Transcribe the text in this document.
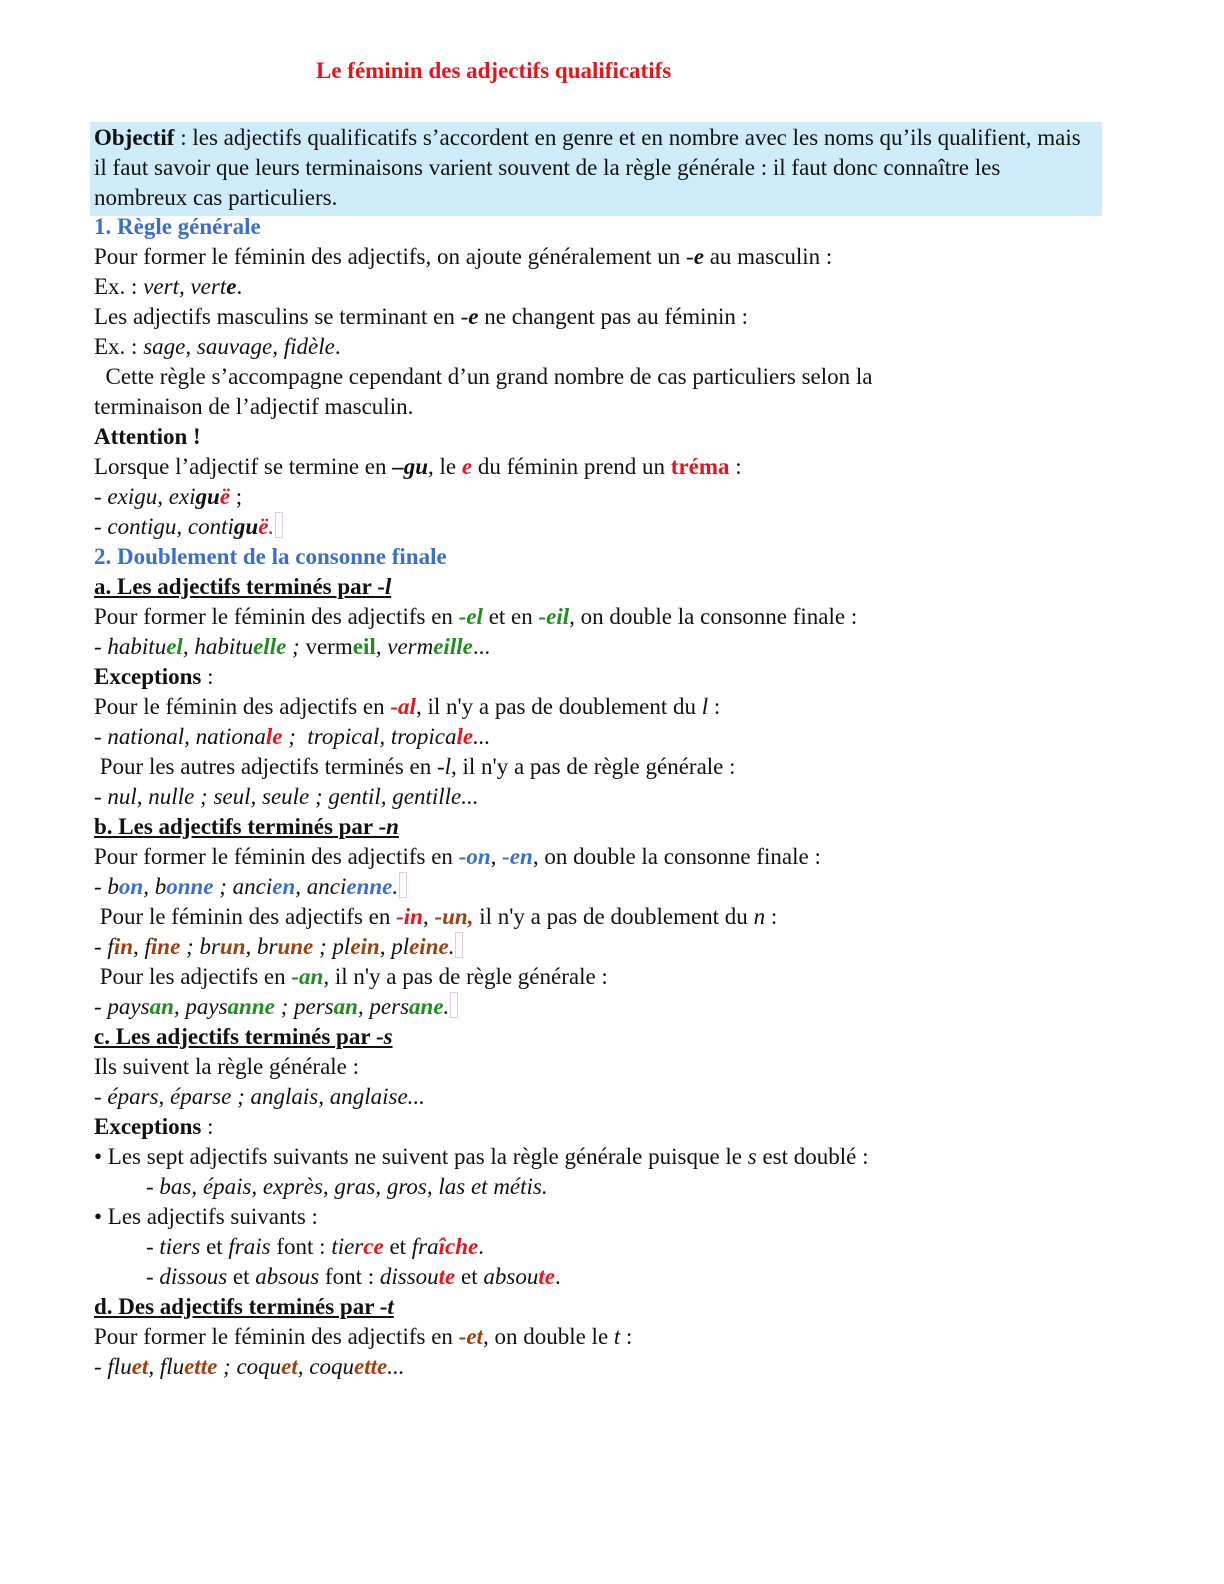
Le féminin des adjectifs qualificatifs
Objectif : les adjectifs qualificatifs s’accordent en genre et en nombre avec les noms qu’ils qualifient, mais il faut savoir que leurs terminaisons varient souvent de la règle générale : il faut donc connaître les nombreux cas particuliers.
1. Règle générale
Pour former le féminin des adjectifs, on ajoute généralement un -e au masculin :
Ex. : vert, verte.
Les adjectifs masculins se terminant en -e ne changent pas au féminin :
Ex. : sage, sauvage, fidèle.
Cette règle s’accompagne cependant d’un grand nombre de cas particuliers selon la
terminaison de l’adjectif masculin.
Attention !
Lorsque l’adjectif se termine en –gu, le e du féminin prend un tréma :
- exigu, exiguë ;
- contigu, contiguë.
2. Doublement de la consonne finale
a. Les adjectifs terminés par -l
Pour former le féminin des adjectifs en -el et en -eil, on double la consonne finale :
- habituel, habituelle ; vermeil, vermeille...
Exceptions :
Pour le féminin des adjectifs en -al, il n'y a pas de doublement du l :
- national, nationale ;  tropical, tropicale...
Pour les autres adjectifs terminés en -l, il n'y a pas de règle générale :
- nul, nulle ; seul, seule ; gentil, gentille...
b. Les adjectifs terminés par -n
Pour former le féminin des adjectifs en -on, -en, on double la consonne finale :
- bon, bonne ; ancien, ancienne.
Pour le féminin des adjectifs en -in, -un, il n'y a pas de doublement du n :
- fin, fine ; brun, brune ; plein, pleine.
Pour les adjectifs en -an, il n'y a pas de règle générale :
- paysan, paysanne ; persan, persane.
c. Les adjectifs terminés par -s
Ils suivent la règle générale :
- épars, éparse ; anglais, anglaise...
Exceptions :
• Les sept adjectifs suivants ne suivent pas la règle générale puisque le s est doublé :
- bas, épais, exprès, gras, gros, las et métis.
• Les adjectifs suivants :
- tiers et frais font : tierce et fraîche.
- dissous et absous font : dissoute et absoute.
d. Des adjectifs terminés par -t
Pour former le féminin des adjectifs en -et, on double le t :
- fluet, fluette ; coquet, coquette...
